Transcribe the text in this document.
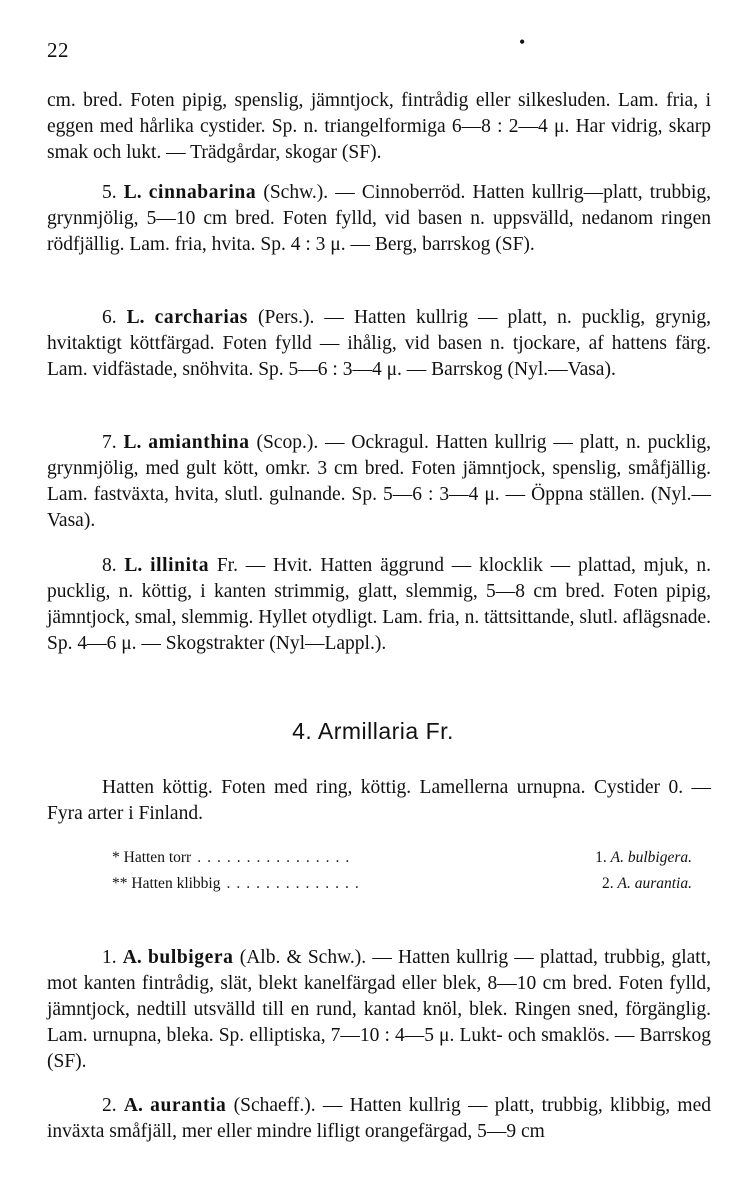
22	•

cm. bred. Foten pipig, spenslig, jämntjock, fintrådig eller silkesluden. Lam. fria, i eggen med hårlika cystider. Sp. n. triangelformiga 6—8 : 2—4 μ. Har vidrig, skarp smak och lukt. — Trädgårdar, skogar (SF).

5. L. cinnabarina (Schw.). — Cinnoberröd. Hatten kullrig—platt, trubbig, grynmjölig, 5—10 cm bred. Foten fylld, vid basen n. uppsvälld, nedanom ringen rödfjällig. Lam. fria, hvita. Sp. 4 : 3 μ. — Berg, barrskog (SF).

6. L. carcharias (Pers.). — Hatten kullrig — platt, n. pucklig, grynig, hvitaktigt köttfärgad. Foten fylld — ihålig, vid basen n. tjockare, af hattens färg. Lam. vidfästade, snöhvita. Sp. 5—6 : 3—4 μ. — Barrskog (Nyl.—Vasa).

7. L. amianthina (Scop.). — Ockragul. Hatten kullrig — platt, n. pucklig, grynmjölig, med gult kött, omkr. 3 cm bred. Foten jämntjock, spenslig, småfjällig. Lam. fastväxta, hvita, slutl. gulnande. Sp. 5—6 : 3—4 μ. — Öppna ställen. (Nyl.—Vasa).

8. L. illinita Fr. — Hvit. Hatten äggrund — klocklik — plattad, mjuk, n. pucklig, n. köttig, i kanten strimmig, glatt, slemmig, 5—8 cm bred. Foten pipig, jämntjock, smal, slemmig. Hyllet otydligt. Lam. fria, n. tättsittande, slutl. aflägsnade. Sp. 4—6 μ. — Skogstrakter (Nyl—Lappl.).

4. Armillaria Fr.

Hatten köttig. Foten med ring, köttig. Lamellerna urnupna. Cystider 0. — Fyra arter i Finland.

* Hatten torr ................	1. A. bulbigera.
** Hatten klibbig ..............	2. A. aurantia.

1. A. bulbigera (Alb. & Schw.). — Hatten kullrig — plattad, trubbig, glatt, mot kanten fintrådig, slät, blekt kanelfärgad eller blek, 8—10 cm bred. Foten fylld, jämntjock, nedtill utsvälld till en rund, kantad knöl, blek. Ringen sned, förgänglig. Lam. urnupna, bleka. Sp. elliptiska, 7—10 : 4—5 μ. Lukt- och smaklös. — Barrskog (SF).

2. A. aurantia (Schaeff.). — Hatten kullrig — platt, trubbig, klibbig, med inväxta småfjäll, mer eller mindre lifligt orangefärgad, 5—9 cm
